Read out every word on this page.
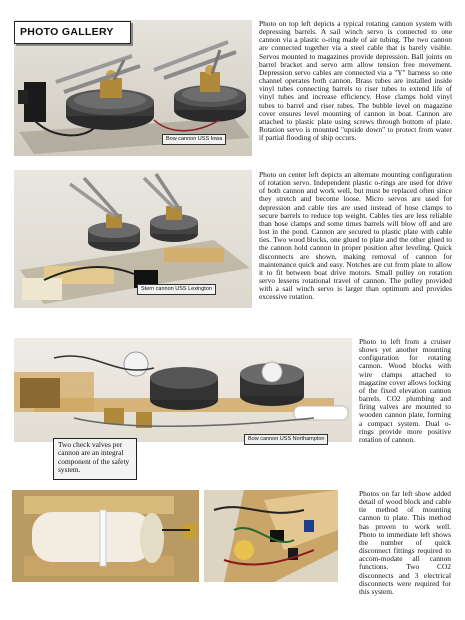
PHOTO GALLERY
Bow cannon USS Iowa
Stern cannon USS Lexington
Bow cannon USS Northampton
Two check valves per cannon are an integral component of the safety system.
Photo on top left depicts a typical rotating cannon system with depressing barrels. A sail winch servo is connected to one cannon via a plastic o-ring made of air tubing. The two cannon are connected together via a steel cable that is barely visible. Servos mounted to magazines provide depression. Ball joints on barrel bracket and servo arm allow tension free movement. Depression servo cables are connected via a "Y" harness so one channel operates both cannon. Brass tubes are installed inside vinyl tubes connecting barrels to riser tubes to extend life of vinyl tubes and increase efficiency. Hose clamps hold vinyl tubes to barrel and riser tubes. The bubble level on magazine cover ensures level mounting of cannon in boat. Cannon are attached to plastic plate using screws through bottom of plate. Rotation servo is mounted "upside down" to protect from water if partial flooding of ship occurs.
Photo on center left depicts an alternate mounting configuration of rotation servo. Independent plastic o-rings are used for drive of both cannon and work well, but must be replaced often since they stretch and become loose. Micro servos are used for depression and cable ties are used instead of hose clamps to secure barrels to reduce top weight. Cables ties are less reliable than hose clamps and some times barrels will blow off and are lost in the pond. Cannon are secured to plastic plate with cable ties. Two wood blocks, one glued to plate and the other glued to the cannon hold cannon in proper position after leveling. Quick disconnects are shown, making removal of cannon for maintenance quick and easy. Notches are cut from plate to allow it to fit between boat drive motors. Small pulley on rotation servo lessens rotational travel of cannon. The pulley provided with a sail winch servo is larger than optimum and provides excessive rotation.
Photo to left from a cruiser shows yet another mounting configuration for rotating cannon. Wood blocks with wire clamps attached to magazine cover allows locking of the fixed elevation cannon barrels. CO2 plumbing and firing valves are mounted to wooden cannon plate, forming a compact system. Dual o-rings provide more positive rotation of cannon.
Photos on far left show added detail of wood block and cable tie method of mounting cannon to plate. This method has proven to work well. Photo to immediate left shows the number of quick disconnect fittings required to accom-modate all cannon functions. Two CO2 disconnects and 3 electrical disconnects were required for this system.
